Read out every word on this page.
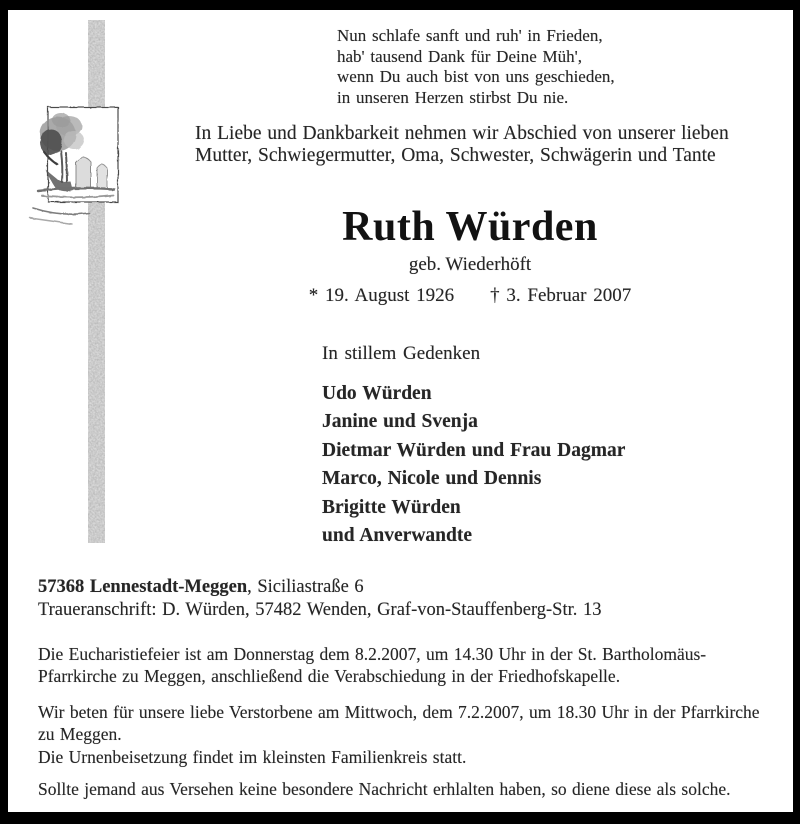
Nun schlafe sanft und ruh' in Frieden,
hab' tausend Dank für Deine Müh',
wenn Du auch bist von uns geschieden,
in unseren Herzen stirbst Du nie.
In Liebe und Dankbarkeit nehmen wir Abschied von unserer lieben Mutter, Schwiegermutter, Oma, Schwester, Schwägerin und Tante
Ruth Würden
geb. Wiederhöft
* 19. August 1926 † 3. Februar 2007
In stillem Gedenken
Udo Würden
Janine und Svenja
Dietmar Würden und Frau Dagmar
Marco, Nicole und Dennis
Brigitte Würden
und Anverwandte
57368 Lennestadt-Meggen, Siciliastraße 6
Traueranschrift: D. Würden, 57482 Wenden, Graf-von-Stauffenberg-Str. 13

Die Eucharistiefeier ist am Donnerstag dem 8.2.2007, um 14.30 Uhr in der St. Bartholomäus-Pfarrkirche zu Meggen, anschließend die Verabschiedung in der Friedhofskapelle.

Wir beten für unsere liebe Verstorbene am Mittwoch, dem 7.2.2007, um 18.30 Uhr in der Pfarrkirche zu Meggen.

Die Urnenbeisetzung findet im kleinsten Familienkreis statt.

Sollte jemand aus Versehen keine besondere Nachricht erhlalten haben, so diene diese als solche.
